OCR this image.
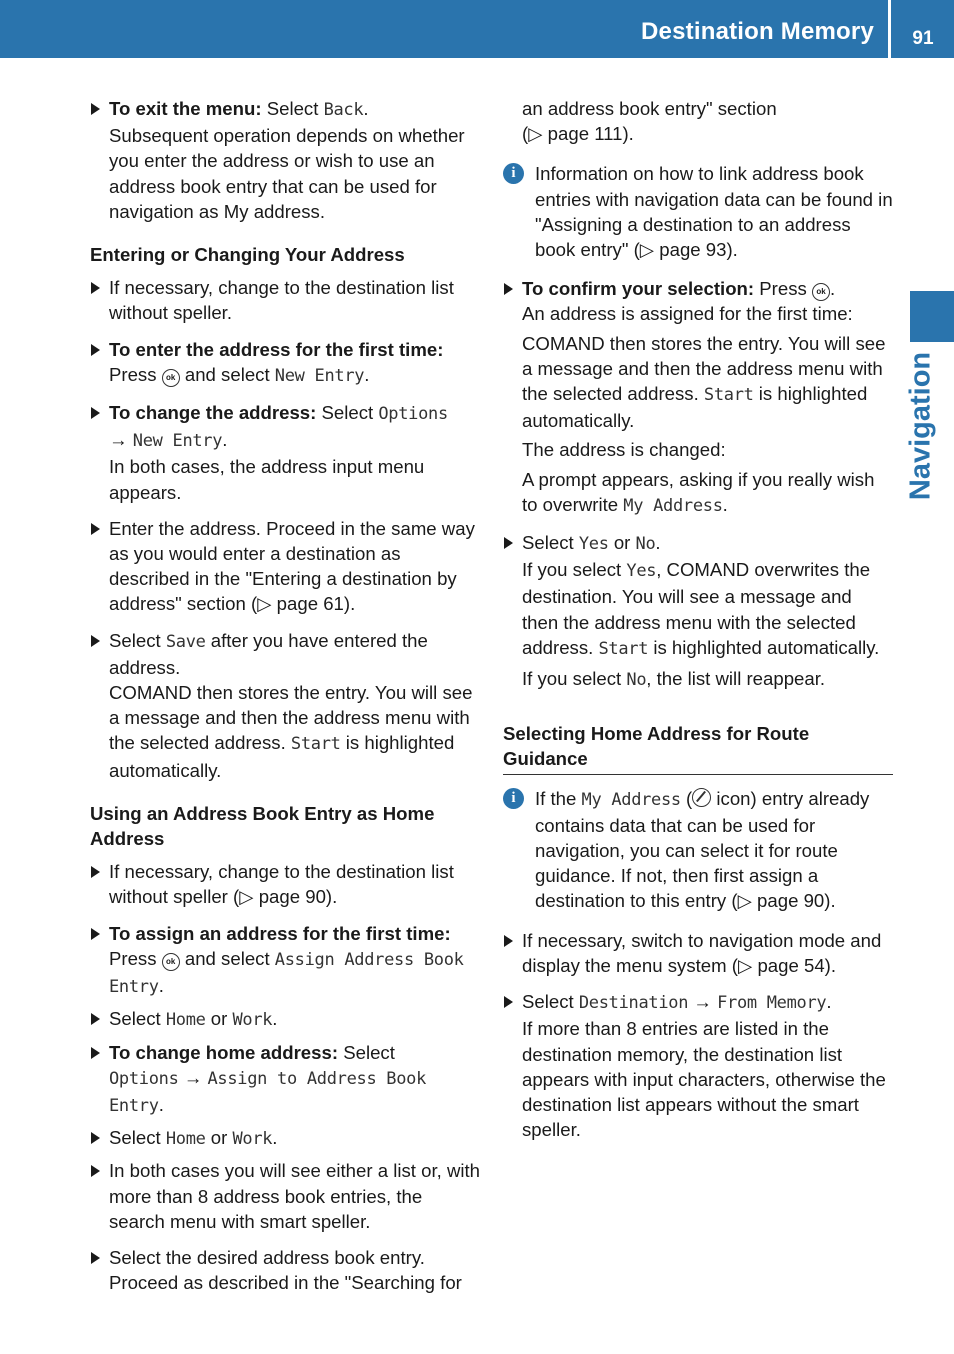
Destination Memory	91
Navigation
To exit the menu: Select Back.
Subsequent operation depends on whether you enter the address or wish to use an address book entry that can be used for navigation as My address.

Entering or Changing Your Address

If necessary, change to the destination list without speller.
To enter the address for the first time:
Press ok and select New Entry.
To change the address: Select Options
→ New Entry.
In both cases, the address input menu appears.
Enter the address. Proceed in the same way as you would enter a destination as described in the "Entering a destination by address" section (▷ page 61).
Select Save after you have entered the address.
COMAND then stores the entry. You will see a message and then the address menu with the selected address. Start is highlighted automatically.

Using an Address Book Entry as Home Address

If necessary, change to the destination list without speller (▷ page 90).
To assign an address for the first time:
Press ok and select Assign Address Book Entry.
Select Home or Work.
To change home address: Select
Options → Assign to Address Book Entry.
Select Home or Work.
In both cases you will see either a list or, with more than 8 address book entries, the search menu with smart speller.
Select the desired address book entry. Proceed as described in the "Searching for
an address book entry" section
(▷ page 111).
i	Information on how to link address book entries with navigation data can be found in "Assigning a destination to an address book entry" (▷ page 93).
To confirm your selection: Press ok .
An address is assigned for the first time:
COMAND then stores the entry. You will see a message and then the address menu with the selected address. Start is highlighted automatically.
The address is changed:
A prompt appears, asking if you really wish to overwrite My Address.
Select Yes or No.
If you select Yes, COMAND overwrites the destination. You will see a message and then the address menu with the selected address. Start is highlighted automatically.
If you select No, the list will reappear.

Selecting Home Address for Route Guidance

i	If the My Address ( icon) entry already contains data that can be used for navigation, you can select it for route guidance. If not, then first assign a destination to this entry (▷ page 90).
If necessary, switch to navigation mode and display the menu system (▷ page 54).
Select Destination → From Memory.
If more than 8 entries are listed in the destination memory, the destination list appears with input characters, otherwise the destination list appears without the smart speller.
